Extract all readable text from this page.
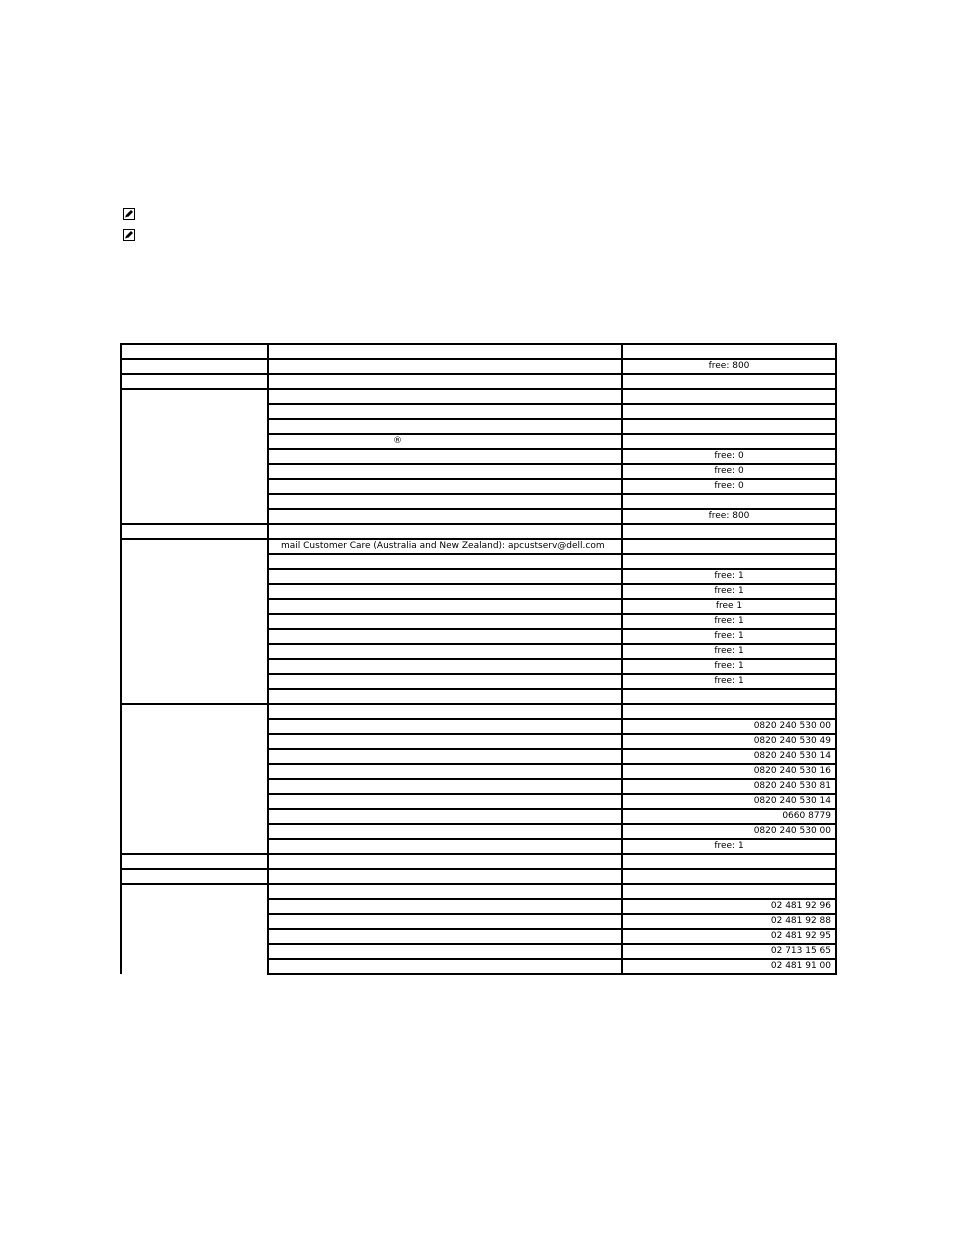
		free: 800

	®	
		free: 0
		free: 0
		free: 0

		free: 800

	mail Customer Care (Australia and New Zealand): apcustserv@dell.com	

		free: 1
		free: 1
		free 1
		free: 1
		free: 1
		free: 1
		free: 1
		free: 1

		0820 240 530 00
		0820 240 530 49
		0820 240 530 14
		0820 240 530 16
		0820 240 530 81
		0820 240 530 14
		0660 8779
		0820 240 530 00
		free: 1

		02 481 92 96
		02 481 92 88
		02 481 92 95
		02 713 15 65
		02 481 91 00
